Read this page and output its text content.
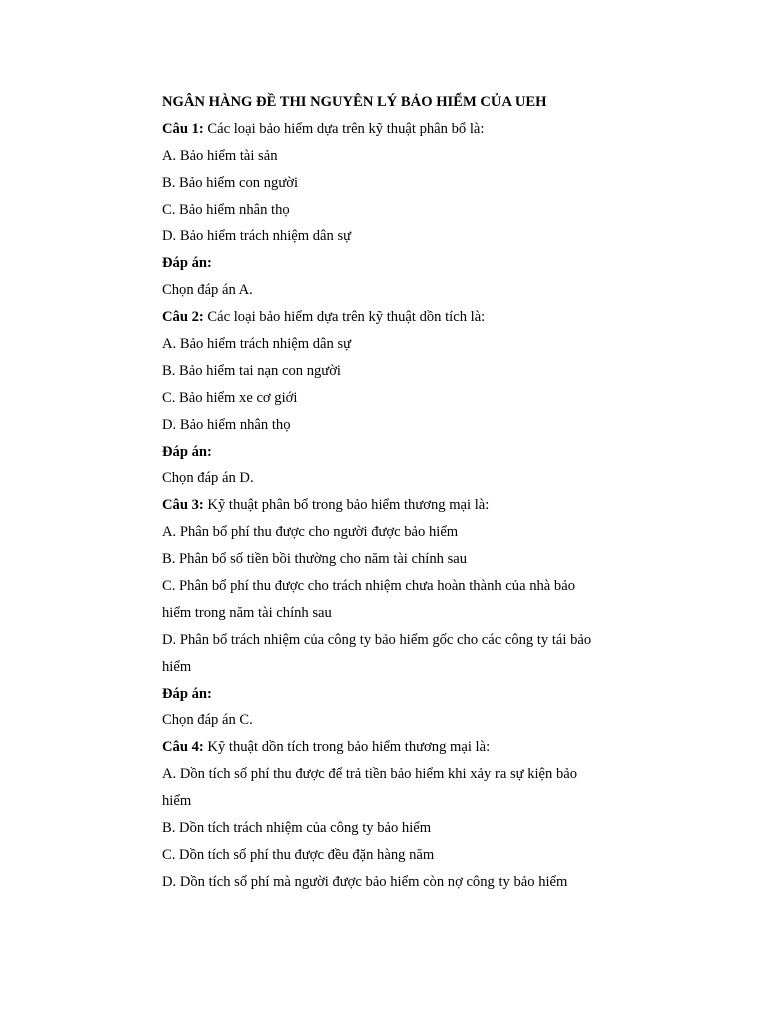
NGÂN HÀNG ĐỀ THI NGUYÊN LÝ BẢO HIỂM CỦA UEH
Câu 1: Các loại bảo hiểm dựa trên kỹ thuật phân bổ là:
A. Bảo hiểm tài sản
B. Bảo hiểm con người
C. Bảo hiểm nhân thọ
D. Bảo hiểm trách nhiệm dân sự
Đáp án:
Chọn đáp án A.
Câu 2: Các loại bảo hiểm dựa trên kỹ thuật dồn tích là:
A. Bảo hiểm trách nhiệm dân sự
B. Bảo hiểm tai nạn con người
C. Bảo hiểm xe cơ giới
D. Bảo hiểm nhân thọ
Đáp án:
Chọn đáp án D.
Câu 3: Kỹ thuật phân bổ trong bảo hiểm thương mại là:
A. Phân bổ phí thu được cho người được bảo hiểm
B. Phân bổ số tiền bồi thường cho năm tài chính sau
C. Phân bổ phí thu được cho trách nhiệm chưa hoàn thành của nhà bảo
hiểm trong năm tài chính sau
D. Phân bổ trách nhiệm của công ty bảo hiểm gốc cho các công ty tái bảo
hiểm
Đáp án:
Chọn đáp án C.
Câu 4: Kỹ thuật dồn tích trong bảo hiểm thương mại là:
A. Dồn tích số phí thu được để trả tiền bảo hiểm khi xảy ra sự kiện bảo
hiểm
B. Dồn tích trách nhiệm của công ty bảo hiểm
C. Dồn tích số phí thu được đều đặn hàng năm
D. Dồn tích số phí mà người được bảo hiểm còn nợ công ty bảo hiểm
